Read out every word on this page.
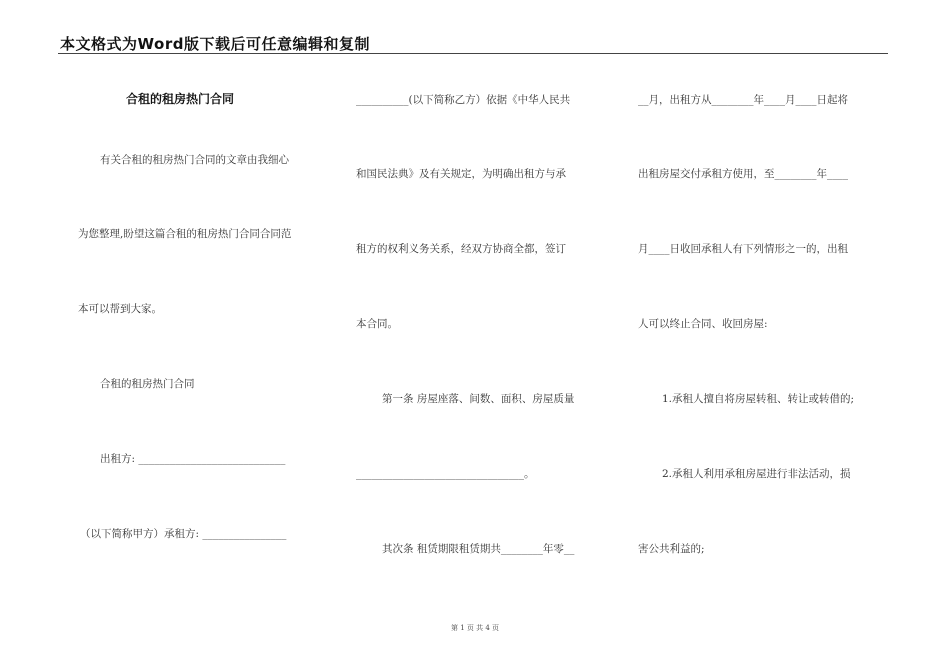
本文格式为Word版下载后可任意编辑和复制
合租的租房热门合同
有关合租的租房热门合同的文章由我细心
为您整理,盼望这篇合租的租房热门合同合同范
本可以帮到大家。
合租的租房热门合同
出租方: ____________________________
（以下简称甲方）承租方: ________________
__________(以下简称乙方）依据《中华人民共
和国民法典》及有关规定，为明确出租方与承
租方的权利义务关系，经双方协商全都，签订
本合同。
第一条 房屋座落、间数、面积、房屋质量
________________________________。
其次条 租赁期限租赁期共________年零__
__月，出租方从________年____月____日起将
出租房屋交付承租方使用，至________年____
月____日收回承租人有下列情形之一的，出租
人可以终止合同、收回房屋:
1.承租人擅自将房屋转租、转让或转借的;
2.承租人利用承租房屋进行非法活动，损
害公共利益的;
第 1 页 共 4 页
